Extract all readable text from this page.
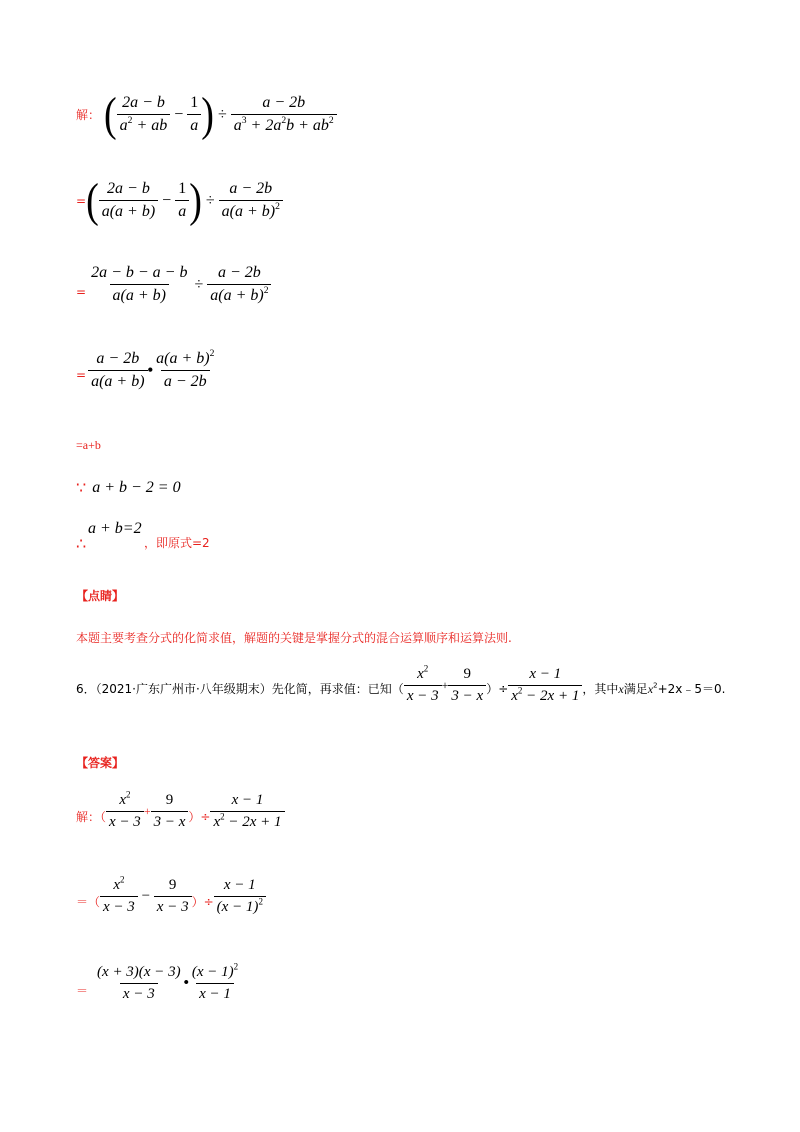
解： ( $\frac{2a - b}{a^2 + ab} - \frac{1}{a}$ ) ÷ $\frac{a - 2b}{a^3 + 2a^2b + ab^2}$
= ( $\frac{2a - b}{a(a + b)} - \frac{1}{a}$ ) ÷ $\frac{a - 2b}{a(a + b)^2}$
= $\frac{2a - b - a - b}{a(a + b)} \div \frac{a - 2b}{a(a + b)^2}$
= $\frac{a - 2b}{a(a + b)}$ • $\frac{a(a + b)^2}{a - 2b}$
=a+b
∵ a + b − 2 = 0
∴
a + b=2
，即原式=2
【点睛】
本题主要考查分式的化简求值，解题的关键是掌握分式的混合运算顺序和运算法则.
6．（2021·广东广州市·八年级期末）先化简，再求值：已知（ $\frac{x^2}{x - 3} + \frac{9}{3 - x}$ ）÷ $\frac{x - 1}{x^2 - 2x + 1}$ ，其中x满足$x^2+2x﹣5=0$.
【答案】
解：（ $\frac{x^2}{x - 3} + \frac{9}{3 - x}$ ）÷ $\frac{x - 1}{x^2 - 2x + 1}$
＝（ $\frac{x^2}{x - 3} - \frac{9}{x - 3}$ ）÷ $\frac{x - 1}{(x - 1)^2}$
＝ $\frac{(x + 3)(x - 3)}{x - 3}$ • $\frac{(x - 1)^2}{x - 1}$
